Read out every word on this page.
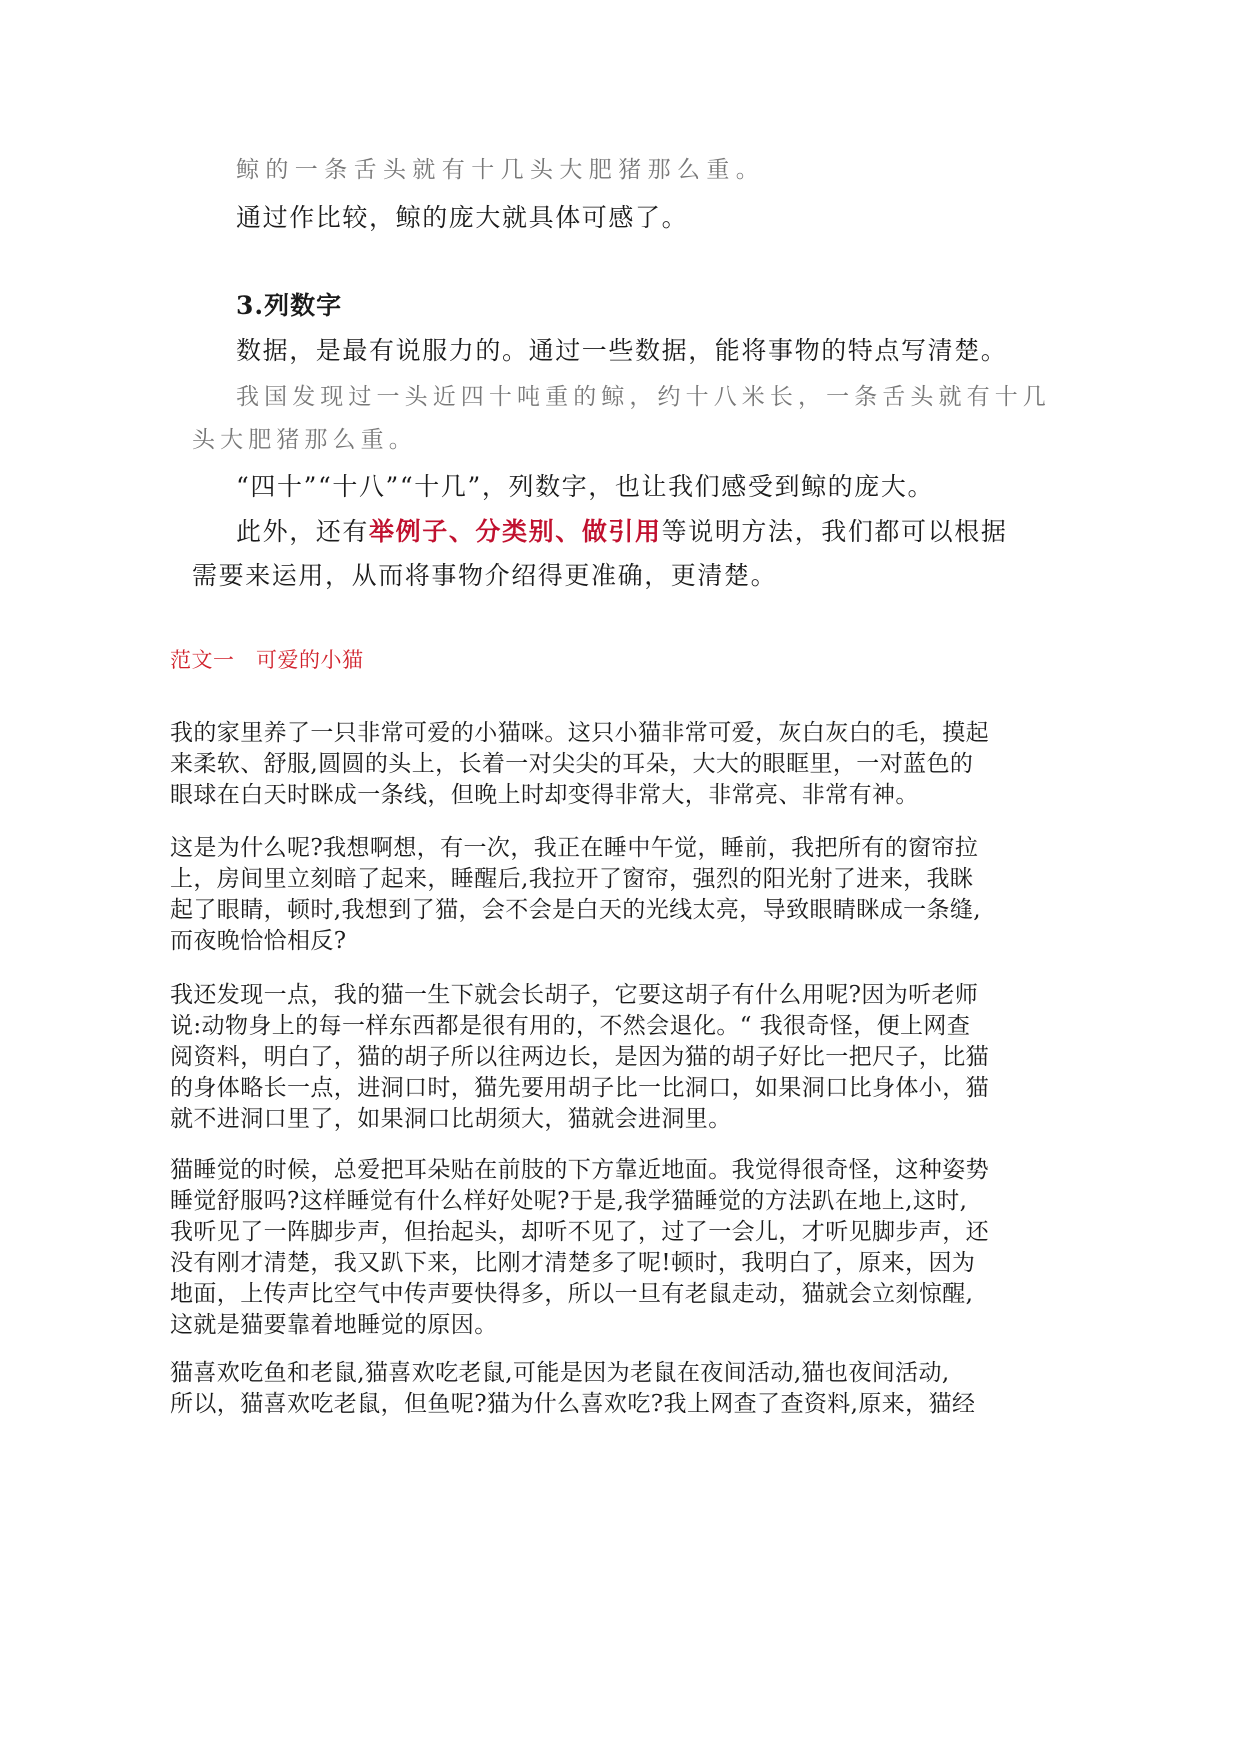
鲸的一条舌头就有十几头大肥猪那么重。
通过作比较，鲸的庞大就具体可感了。
3.列数字
数据，是最有说服力的。通过一些数据，能将事物的特点写清楚。
我国发现过一头近四十吨重的鲸，约十八米长，一条舌头就有十几
头大肥猪那么重。
“四十”“十八”“十几”，列数字，也让我们感受到鲸的庞大。
此外，还有举例子、分类别、做引用等说明方法，我们都可以根据
需要来运用，从而将事物介绍得更准确，更清楚。
范文一　可爱的小猫
我的家里养了一只非常可爱的小猫咪。这只小猫非常可爱，灰白灰白的毛，摸起
来柔软、舒服,圆圆的头上，长着一对尖尖的耳朵，大大的眼眶里，一对蓝色的
眼球在白天时眯成一条线，但晚上时却变得非常大，非常亮、非常有神。
这是为什么呢?我想啊想，有一次，我正在睡中午觉，睡前，我把所有的窗帘拉
上，房间里立刻暗了起来，睡醒后,我拉开了窗帘，强烈的阳光射了进来，我眯
起了眼睛，顿时,我想到了猫，会不会是白天的光线太亮，导致眼睛眯成一条缝,
而夜晚恰恰相反?
我还发现一点，我的猫一生下就会长胡子，它要这胡子有什么用呢?因为听老师
说:动物身上的每一样东西都是很有用的，不然会退化。“ 我很奇怪，便上网查
阅资料，明白了，猫的胡子所以往两边长，是因为猫的胡子好比一把尺子，比猫
的身体略长一点，进洞口时，猫先要用胡子比一比洞口，如果洞口比身体小，猫
就不进洞口里了，如果洞口比胡须大，猫就会进洞里。
猫睡觉的时候，总爱把耳朵贴在前肢的下方靠近地面。我觉得很奇怪，这种姿势
睡觉舒服吗?这样睡觉有什么样好处呢?于是,我学猫睡觉的方法趴在地上,这时,
我听见了一阵脚步声，但抬起头，却听不见了，过了一会儿，才听见脚步声，还
没有刚才清楚，我又趴下来，比刚才清楚多了呢!顿时，我明白了，原来，因为
地面，上传声比空气中传声要快得多，所以一旦有老鼠走动，猫就会立刻惊醒,
这就是猫要靠着地睡觉的原因。
猫喜欢吃鱼和老鼠,猫喜欢吃老鼠,可能是因为老鼠在夜间活动,猫也夜间活动,
所以，猫喜欢吃老鼠，但鱼呢?猫为什么喜欢吃?我上网查了查资料,原来，猫经
